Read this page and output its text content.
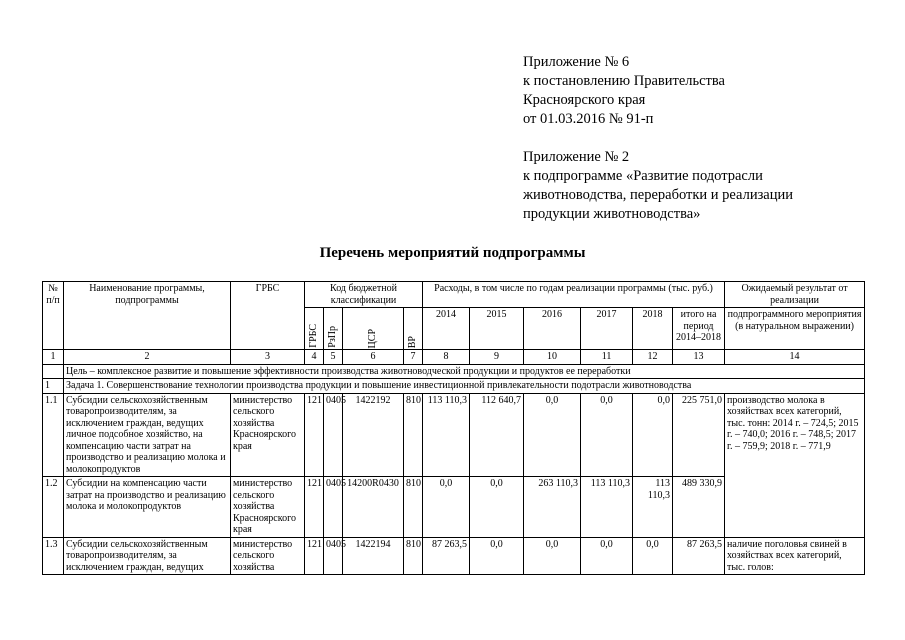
Приложение № 6

к постановлению Правительства

Красноярского края

от 01.03.2016 № 91-п

Приложение № 2

к подпрограмме «Развитие подотрасли

животноводства, переработки и реализации

продукции животноводства»

Перечень мероприятий подпрограммы
№ п/п	Наименование программы, подпрограммы	ГРБС	Код бюджетной классификации				Расходы, в том числе по годам реализации программы (тыс. руб.)						Ожидаемый результат от реализации

			ГРБС	РзПр	ЦСР	ВР	2014	2015	2016	2017	2018	итого на период 2014–2018	подпрограммного мероприятия (в натуральном выражении)
1	2	3	4	5	6	7	8	9	10	11	12	13	14
	Цель – комплексное развитие и повышение эффективности производства животноводческой продукции и продуктов ее переработки												
1	Задача 1. Совершенствование технологии производства продукции и повышение инвестиционной привлекательности подотрасли животноводства												
1.1	Субсидии сельскохозяйственным товаропроизводителям, за исключением граждан, ведущих личное подсобное хозяйство, на компенсацию части затрат на производство и реализацию молока и молокопродуктов	министерство сельского хозяйства Красноярского края	121	0405	1422192	810	113 110,3	112 640,7	0,0	0,0	0,0	225 751,0	производство молока в хозяйствах всех категорий, тыс. тонн: 2014 г. – 724,5; 2015 г. – 740,0; 2016 г. – 748,5; 2017 г. – 759,9; 2018 г. – 771,9
1.2	Субсидии на компенсацию части затрат на производство и реализацию молока и молокопродуктов	министерство сельского хозяйства Красноярского края	121	0405	14200R0430	810	0,0	0,0	263 110,3	113 110,3	113 110,3	489 330,9	
1.3	Субсидии сельскохозяйственным товаропроизводителям, за исключением граждан, ведущих	министерство сельского хозяйства	121	0405	1422194	810	87 263,5	0,0	0,0	0,0	0,0	87 263,5	наличие поголовья свиней в хозяйствах всех категорий, тыс. голов:
